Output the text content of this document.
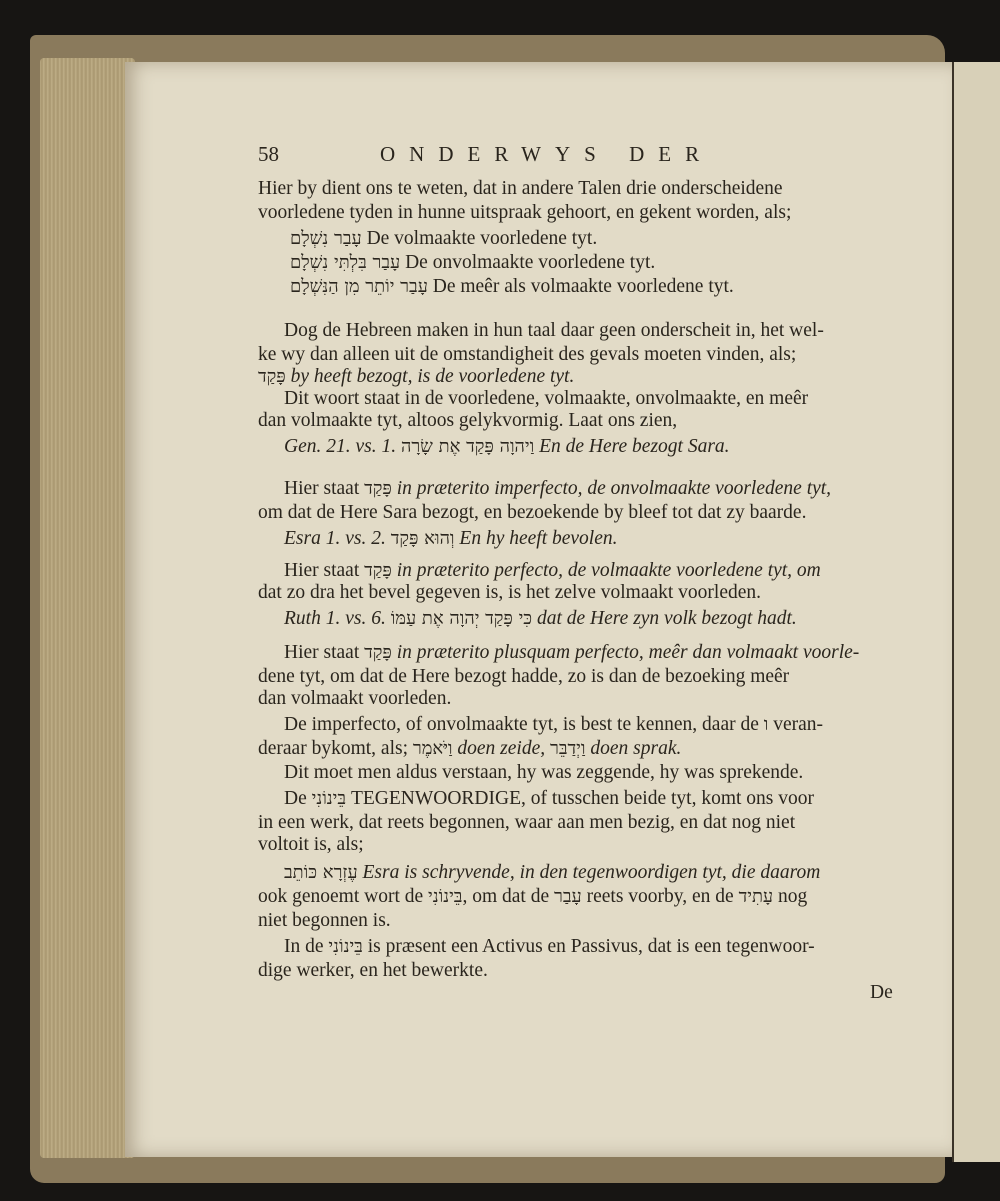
58	ONDERWYS DER
Hier by dient ons te weten, dat in andere Talen drie onderscheidene
voorledene tyden in hunne uitspraak gehoort, en gekent worden, als;
עָבַר נִשְׁלָם De volmaakte voorledene tyt.
עָבַר בִּלְתִּי נִשְׁלָם De onvolmaakte voorledene tyt.
עָבַר יוֹתֵר מִן הַנִּשְׁלָם De meêr als volmaakte voorledene tyt.
Dog de Hebreen maken in hun taal daar geen onderscheit in, het wel-
ke wy dan alleen uit de omstandigheit des gevals moeten vinden, als;
פָּקַד by heeft bezogt, is de voorledene tyt.
Dit woort staat in de voorledene, volmaakte, onvolmaakte, en meêr
dan volmaakte tyt, altoos gelykvormig. Laat ons zien,
Gen. 21. vs. 1. וַיהוָה פָּקַד אֶת שָׂרָה En de Here bezogt Sara.
Hier staat פָּקַד in præterito imperfecto, de onvolmaakte voorledene tyt,
om dat de Here Sara bezogt, en bezoekende by bleef tot dat zy baarde.
Esra 1. vs. 2. וְהוּא פָּקַד En hy heeft bevolen.
Hier staat פָּקַד in præterito perfecto, de volmaakte voorledene tyt, om
dat zo dra het bevel gegeven is, is het zelve volmaakt voorleden.
Ruth 1. vs. 6. כִּי פָּקַד יְהוָה אֶת עַמּוֹ dat de Here zyn volk bezogt hadt.
Hier staat פָּקַד in præterito plusquam perfecto, meêr dan volmaakt voorle-
dene tyt, om dat de Here bezogt hadde, zo is dan de bezoeking meêr
dan volmaakt voorleden.
De imperfecto, of onvolmaakte tyt, is best te kennen, daar de ו veran-
deraar bykomt, als; וַיֹּאמֶר doen zeide, וַיְדַבֵּר doen sprak.
Dit moet men aldus verstaan, hy was zeggende, hy was sprekende.
De בֵּינוֹנִי TEGENWOORDIGE, of tusschen beide tyt, komt ons voor
in een werk, dat reets begonnen, waar aan men bezig, en dat nog niet
voltoit is, als;
עֶזְרָא כּוֹתֵב Esra is schryvende, in den tegenwoordigen tyt, die daarom
ook genoemt wort de בֵּינוֹנִי, om dat de עָבַר reets voorby, en de עָתִיד nog
niet begonnen is.
In de בֵּינוֹנִי is præsent een Activus en Passivus, dat is een tegenwoor-
dige werker, en het bewerkte.
De
